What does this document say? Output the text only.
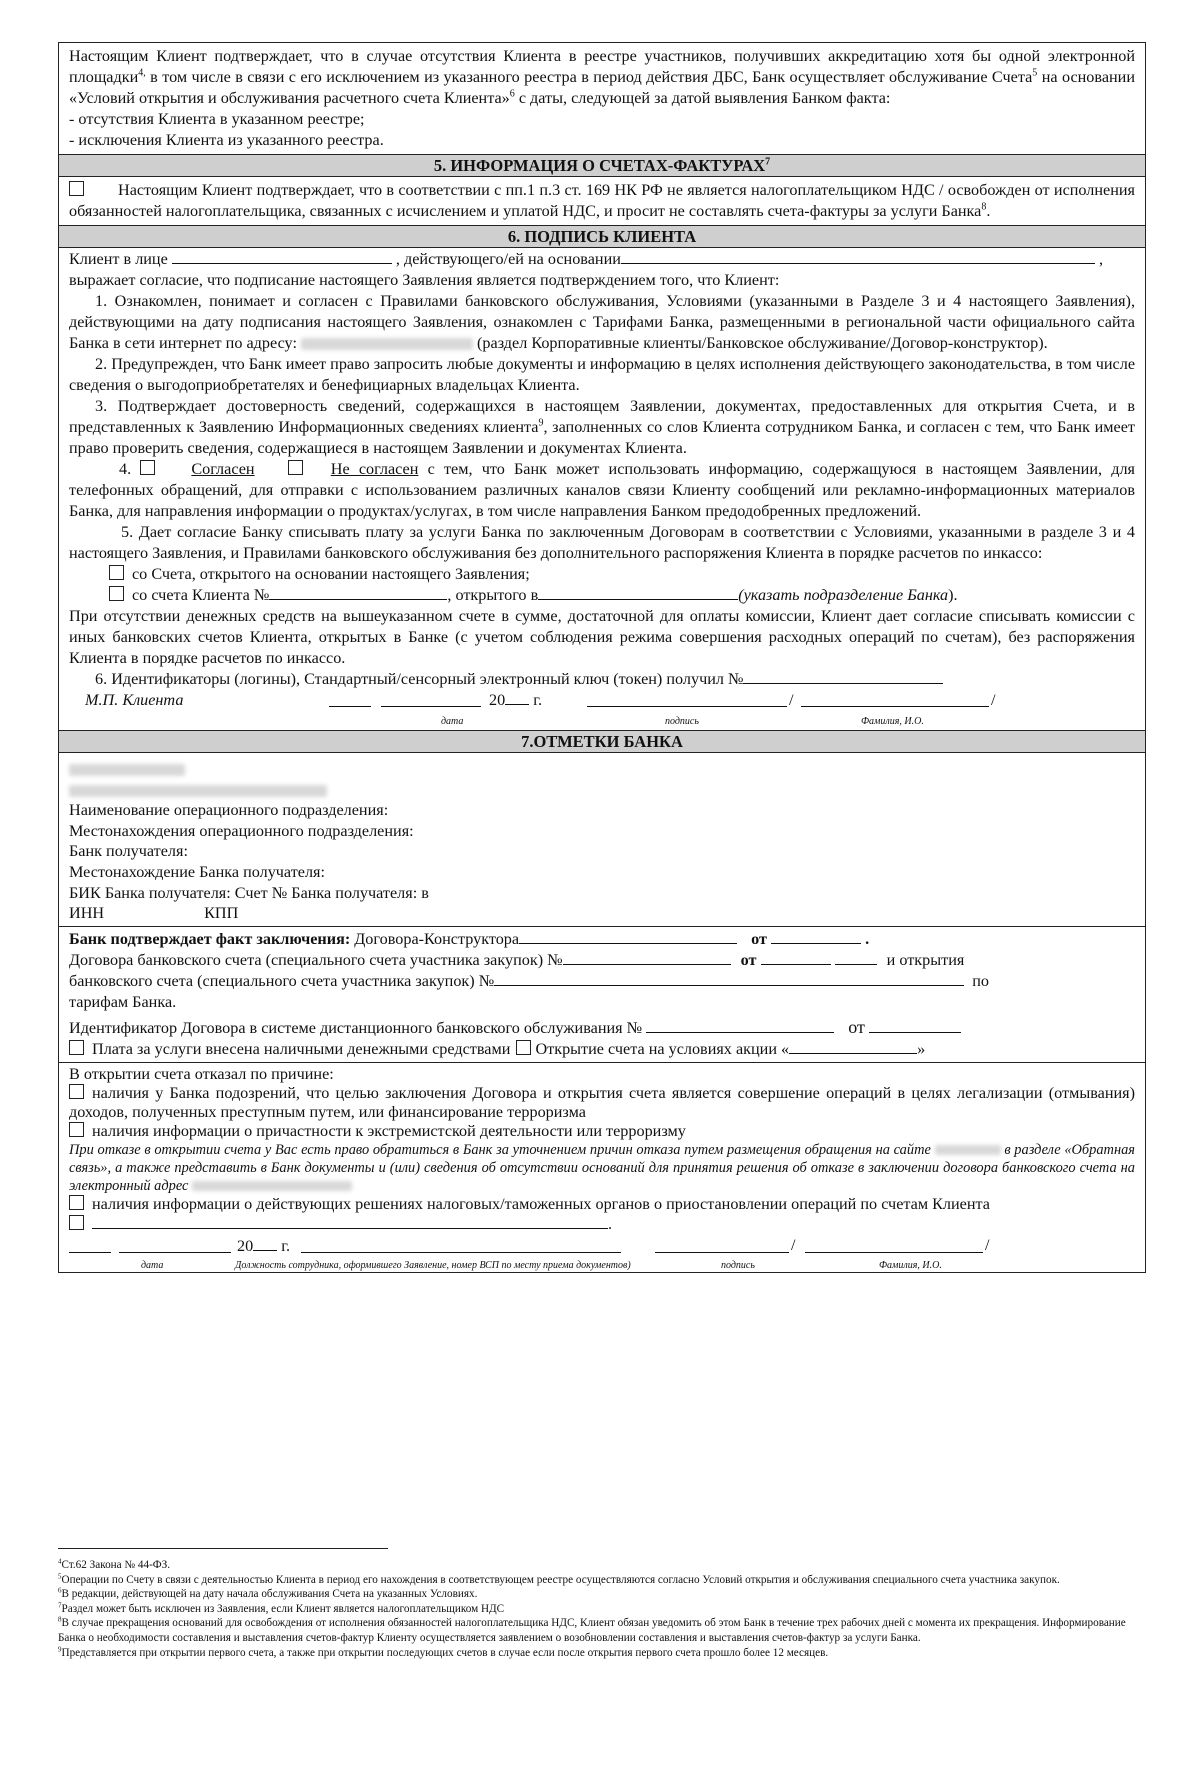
Настоящим Клиент подтверждает, что в случае отсутствия Клиента в реестре участников, получивших аккредитацию хотя бы одной электронной площадки$^{4,}$ в том числе в связи с его исключением из указанного реестра в период действия ДБС, Банк осуществляет обслуживание Счета$^5$ на основании «Условий открытия и обслуживания расчетного счета Клиента»$^6$ с даты, следующей за датой выявления Банком факта:

- отсутствия Клиента в указанном реестре;

- исключения Клиента из указанного реестра.

5. ИНФОРМАЦИЯ О СЧЕТАХ-ФАКТУРАХ$^7$

Настоящим Клиент подтверждает, что в соответствии с пп.1 п.3 ст. 169 НК РФ не является налогоплательщиком НДС / освобожден от исполнения обязанностей налогоплательщика, связанных с исчислением и уплатой НДС, и просит не составлять счета-фактуры за услуги Банка$^8$.

6. ПОДПИСЬ КЛИЕНТА

Клиент в лице	, действующего/ей на основании	,

выражает согласие, что подписание настоящего Заявления является подтверждением того, что Клиент:

1. Ознакомлен, понимает и согласен с Правилами банковского обслуживания, Условиями (указанными в Разделе 3 и 4 настоящего Заявления), действующими на дату подписания настоящего Заявления, ознакомлен с Тарифами Банка, размещенными в региональной части официального сайта Банка в сети интернет по адресу:	(раздел Корпоративные клиенты/Банковское обслуживание/Договор-конструктор).

2. Предупрежден, что Банк имеет право запросить любые документы и информацию в целях исполнения действующего законодательства, в том числе сведения о выгодоприобретателях и бенефициарных владельцах Клиента.

3. Подтверждает достоверность сведений, содержащихся в настоящем Заявлении, документах, предоставленных для открытия Счета, и в представленных к Заявлению Информационных сведениях клиента$^9$, заполненных со слов Клиента сотрудником Банка, и согласен с тем, что Банк имеет право проверить сведения, содержащиеся в настоящем Заявлении и документах Клиента.

4.	Согласен	Не согласен с тем, что Банк может использовать информацию, содержащуюся в настоящем Заявлении, для телефонных обращений, для отправки с использованием различных каналов связи Клиенту сообщений или рекламно-информационных материалов Банка, для направления информации о продуктах/услугах, в том числе направления Банком предодобренных предложений.

5. Дает согласие Банку списывать плату за услуги Банка по заключенным Договорам в соответствии с Условиями, указанными в разделе 3 и 4 настоящего Заявления, и Правилами банковского обслуживания без дополнительного распоряжения Клиента в порядке расчетов по инкассо:

со Счета, открытого на основании настоящего Заявления;

со счета Клиента №	, открытого в	(указать подразделение Банка).

При отсутствии денежных средств на вышеуказанном счете в сумме, достаточной для оплаты комиссии, Клиент дает согласие списывать комиссии с иных банковских счетов Клиента, открытых в Банке (с учетом соблюдения режима совершения расходных операций по счетам), без распоряжения Клиента в порядке расчетов по инкассо.

6. Идентификаторы (логины), Стандартный/сенсорный электронный ключ (токен) получил №

М.П. Клиента	20 г.	/	/
дата	подпись	Фамилия, И.О.
7.ОТМЕТКИ БАНКА

Наименование операционного подразделения:

Местонахождения операционного подразделения:

Банк получателя:

Местонахождение Банка получателя:

БИК Банка получателя: Счет № Банка получателя: в

ИНН	КПП

Банк подтверждает факт заключения: Договора-Конструктора	от	.

Договора банковского счета (специального счета участника закупок) №	от	и открытия

банковского счета (специального счета участника закупок) №	по

тарифам Банка.

Идентификатор Договора в системе дистанционного банковского обслуживания №	от

Плата за услуги внесена наличными денежными средствами Открытие счета на условиях акции «	»

В открытии счета отказал по причине:

наличия у Банка подозрений, что целью заключения Договора и открытия счета является совершение операций в целях легализации (отмывания) доходов, полученных преступным путем, или финансирование терроризма

наличия информации о причастности к экстремистской деятельности или терроризму

При отказе в открытии счета у Вас есть право обратиться в Банк за уточнением причин отказа путем размещения обращения на сайте	в разделе «Обратная связь», а также представить в Банк документы и (или) сведения об отсутствии оснований для принятия решения об отказе в заключении договора банковского счета на электронный адрес

наличия информации о действующих решениях налоговых/таможенных органов о приостановлении операций по счетам Клиента

.

20 г.	/	/
дата	Должность сотрудника, оформившего Заявление, номер ВСП по месту приема документов)	подпись	Фамилия, И.О.

$^4$Ст.62 Закона № 44-ФЗ.

$^5$Операции по Счету в связи с деятельностью Клиента в период его нахождения в соответствующем реестре осуществляются согласно Условий открытия и обслуживания специального счета участника закупок.

$^6$В редакции, действующей на дату начала обслуживания Счета на указанных Условиях.

$^7$Раздел может быть исключен из Заявления, если Клиент является налогоплательщиком НДС

$^8$В случае прекращения оснований для освобождения от исполнения обязанностей налогоплательщика НДС, Клиент обязан уведомить об этом Банк в течение трех рабочих дней с момента их прекращения. Информирование Банка о необходимости составления и выставления счетов-фактур Клиенту осуществляется заявлением о возобновлении составления и выставления счетов-фактур за услуги Банка.

$^9$Представляется при открытии первого счета, а также при открытии последующих счетов в случае если после открытия первого счета прошло более 12 месяцев.
